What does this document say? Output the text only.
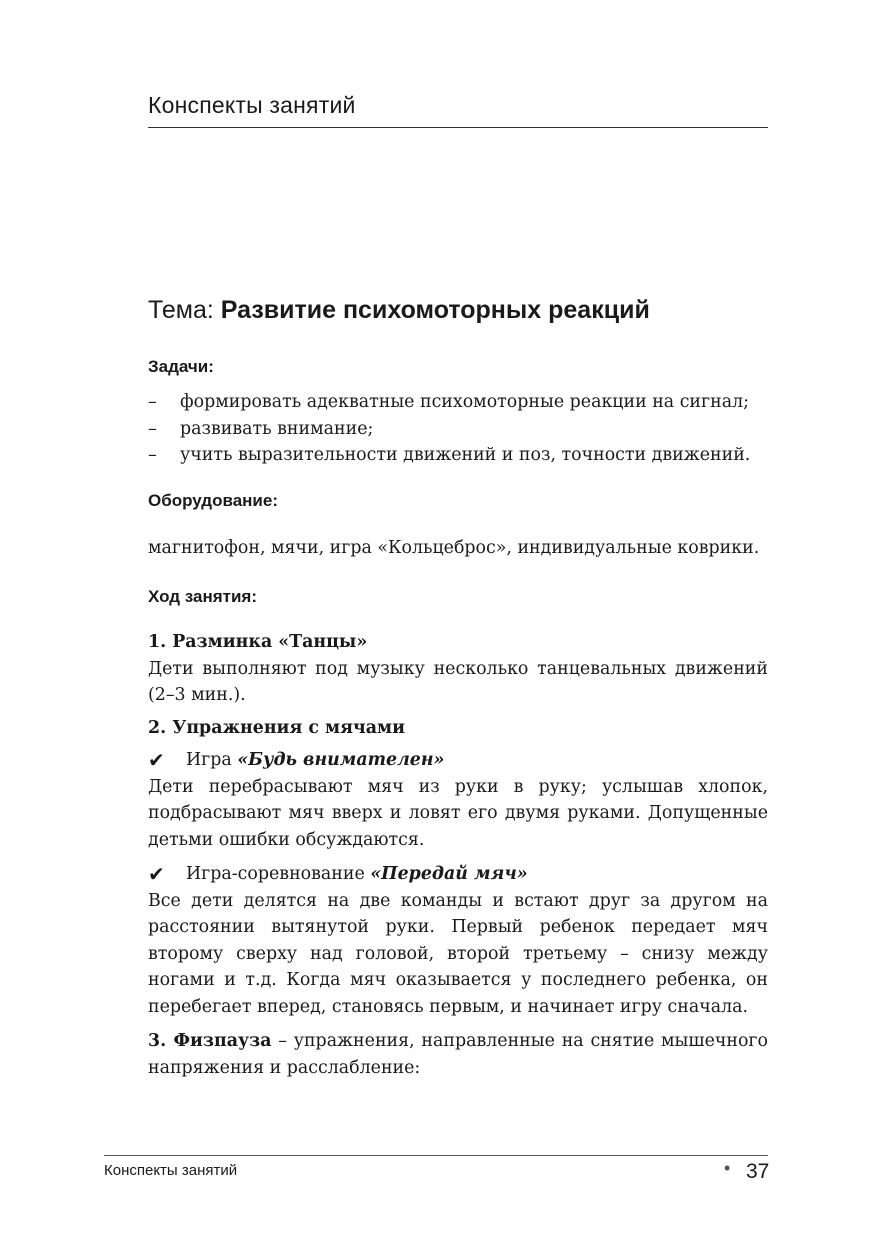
Конспекты занятий
Тема: Развитие психомоторных реакций
Задачи:
– формировать адекватные психомоторные реакции на сигнал;
– развивать внимание;
– учить выразительности движений и поз, точности движений.
Оборудование:
магнитофон, мячи, игра «Кольцеброс», индивидуальные коврики.
Ход занятия:
1. Разминка «Танцы»
Дети выполняют под музыку несколько танцевальных движений (2–3 мин.).
2. Упражнения с мячами
✔ Игра «Будь внимателен»
Дети перебрасывают мяч из руки в руку; услышав хлопок, подбрасывают мяч вверх и ловят его двумя руками. Допущенные детьми ошибки обсуждаются.
✔ Игра-соревнование «Передай мяч»
Все дети делятся на две команды и встают друг за другом на расстоянии вытянутой руки. Первый ребенок передает мяч второму сверху над головой, второй третьему – снизу между ногами и т.д. Когда мяч оказывается у последнего ребенка, он перебегает вперед, становясь первым, и начинает игру сначала.
3. Физпауза – упражнения, направленные на снятие мышечного напряжения и расслабление:
Конспекты занятий	• 37
